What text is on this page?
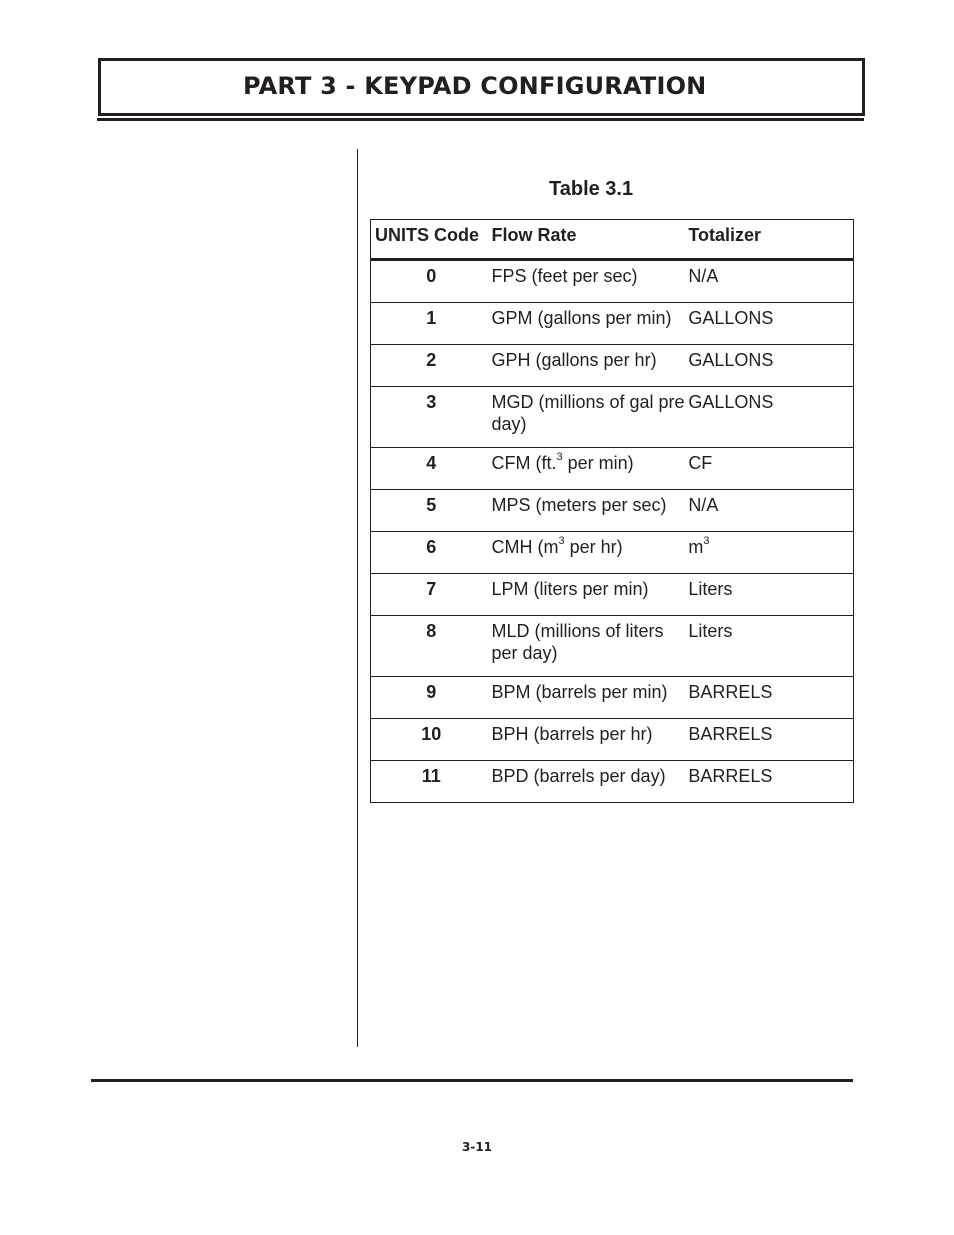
PART 3 - KEYPAD CONFIGURATION
Table 3.1
UNITS Code	Flow Rate	Totalizer
0	FPS (feet per sec)	N/A
1	GPM (gallons per min)	GALLONS
2	GPH (gallons per hr)	GALLONS
3	MGD (millions of gal pre day)	GALLONS
4	CFM (ft.$^3$ per min)	CF
5	MPS (meters per sec)	N/A
6	CMH ($m^3$ per hr)	$m^3$
7	LPM (liters per min)	Liters
8	MLD (millions of liters per day)	Liters
9	BPM (barrels per min)	BARRELS
10	BPH (barrels per hr)	BARRELS
11	BPD (barrels per day)	BARRELS
3-11
